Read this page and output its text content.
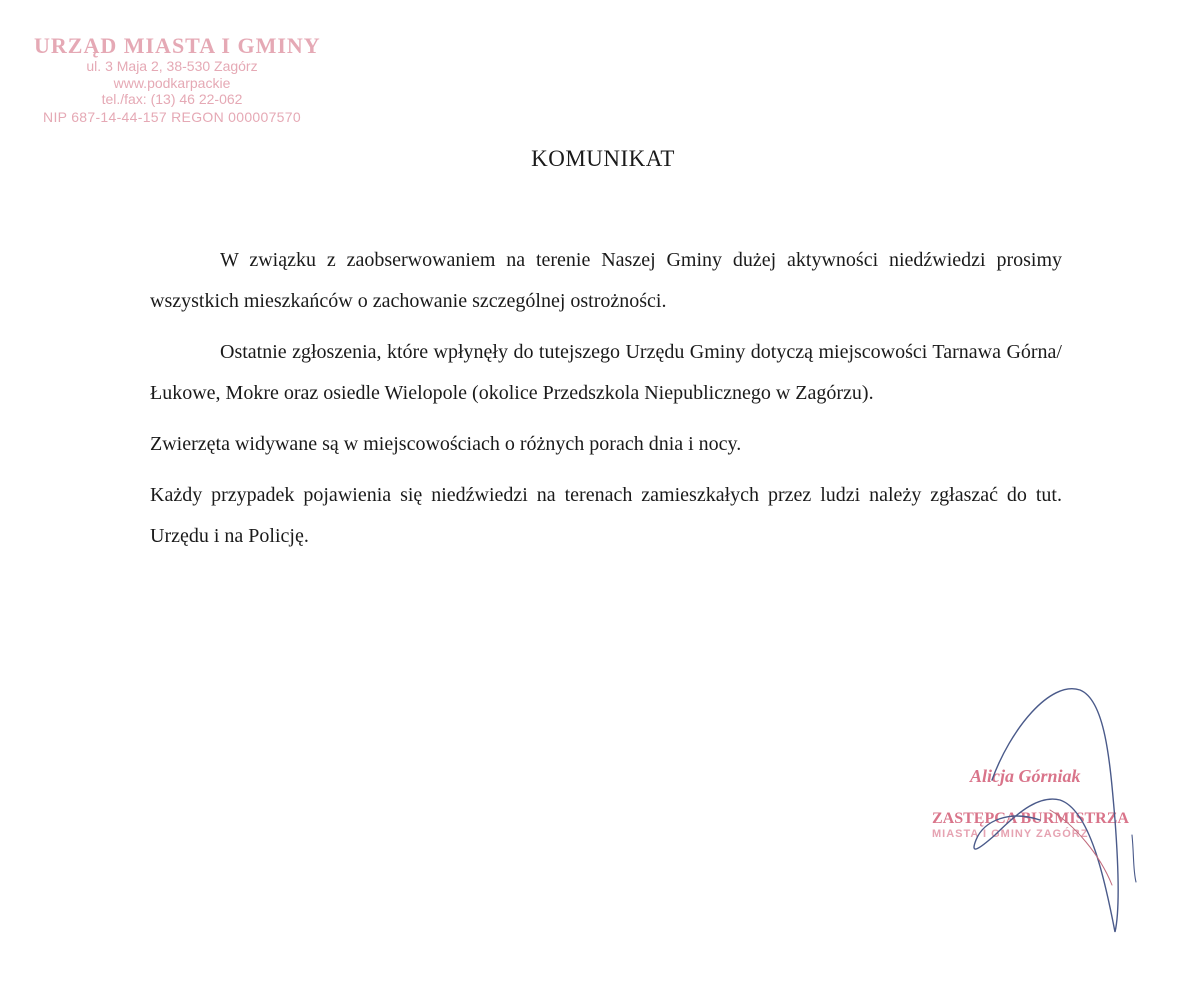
URZĄD MIASTA I GMINY
ul. 3 Maja 2, 38-530 Zagórz
www.podkarpackie
tel./fax: (13) 46 22-062
NIP 687-14-44-157 REGON 000007570
KOMUNIKAT

W związku z zaobserwowaniem na terenie Naszej Gminy dużej aktywności niedźwiedzi prosimy wszystkich mieszkańców o zachowanie szczególnej ostrożności.

Ostatnie zgłoszenia, które wpłynęły do tutejszego Urzędu Gminy dotyczą miejscowości Tarnawa Górna/Łukowe, Mokre oraz osiedle Wielopole (okolice Przedszkola Niepublicznego w Zagórzu).

Zwierzęta widywane są w miejscowościach o różnych porach dnia i nocy.

Każdy przypadek pojawienia się niedźwiedzi na terenach zamieszkałych przez ludzi należy zgłaszać do tut. Urzędu i na Policję.

Alicja Górniak
ZASTĘPCA BURMISTRZA
MIASTA I GMINY ZAGÓRZ
